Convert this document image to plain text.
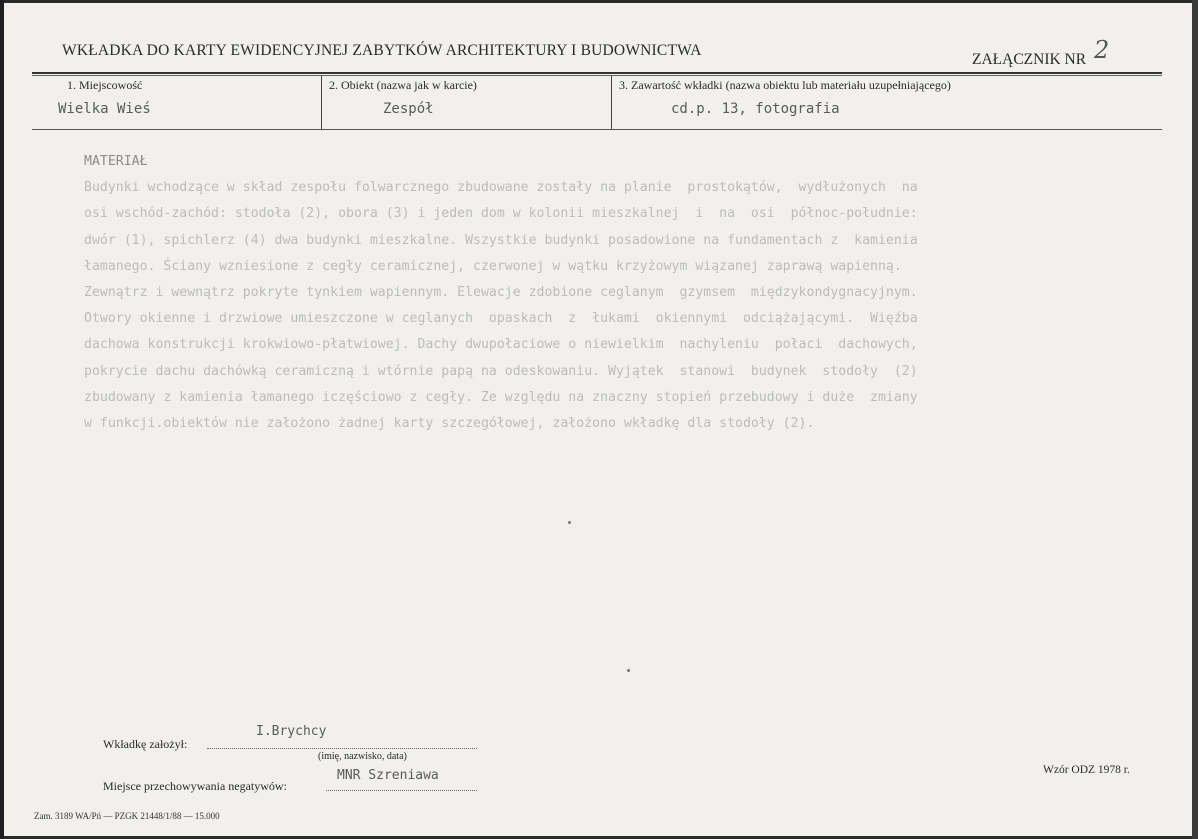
WKŁADKA DO KARTY EWIDENCYJNEJ ZABYTKÓW ARCHITEKTURY I BUDOWNICTWA
ZAŁĄCZNIK NR 2
1. Miejscowość
Wielka Wieś
2. Obiekt (nazwa jak w karcie)
Zespół
3. Zawartość wkładki (nazwa obiektu lub materiału uzupełniającego)
cd.p. 13, fotografia
MATERIAŁ
Budynki wchodzące w skład zespołu folwarcznego zbudowane zostały na planie  prostokątów,  wydłużonych  na
osi wschód-zachód: stodoła (2), obora (3) i jeden dom w kolonii mieszkalnej  i  na  osi  północ-południe:
dwór (1), spichlerz (4) dwa budynki mieszkalne. Wszystkie budynki posadowione na fundamentach z  kamienia
łamanego. Ściany wzniesione z cegły ceramicznej, czerwonej w wątku krzyżowym wiązanej zaprawą wapienną.
Zewnątrz i wewnątrz pokryte tynkiem wapiennym. Elewacje zdobione ceglanym  gzymsem  międzykondygnacyjnym.
Otwory okienne i drzwiowe umieszczone w ceglanych  opaskach  z  łukami  okiennymi  odciążającymi.  Więźba
dachowa konstrukcji krokwiowo-płatwiowej. Dachy dwupołaciowe o niewielkim  nachyleniu  połaci  dachowych,
pokrycie dachu dachówką ceramiczną i wtórnie papą na odeskowaniu. Wyjątek  stanowi  budynek  stodoły  (2)
zbudowany z kamienia łamanego iczęściowo z cegły. Ze względu na znaczny stopień przebudowy i duże  zmiany
w funkcji.obiektów nie założono żadnej karty szczegółowej, założono wkładkę dla stodoły (2).
Wkładkę założył:
I.Brychcy
(imię, nazwisko, data)
Miejsce przechowywania negatywów:
MNR Szreniawa	Wzór ODZ 1978 r.
Zam. 3189 WA/Pń — PZGK 21448/1/88 — 15.000
